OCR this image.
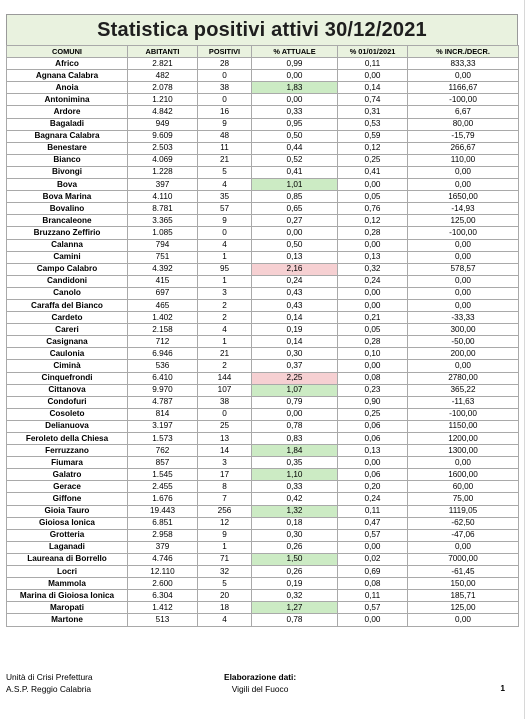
Statistica positivi attivi 30/12/2021
COMUNI	ABITANTI	POSITIVI	% ATTUALE	% 01/01/2021	% INCR./DECR.
Africo	2.821	28	0,99	0,11	833,33
Agnana Calabra	482	0	0,00	0,00	0,00
Anoia	2.078	38	1,83	0,14	1166,67
Antonimina	1.210	0	0,00	0,74	-100,00
Ardore	4.842	16	0,33	0,31	6,67
Bagaladi	949	9	0,95	0,53	80,00
Bagnara Calabra	9.609	48	0,50	0,59	-15,79
Benestare	2.503	11	0,44	0,12	266,67
Bianco	4.069	21	0,52	0,25	110,00
Bivongi	1.228	5	0,41	0,41	0,00
Bova	397	4	1,01	0,00	0,00
Bova Marina	4.110	35	0,85	0,05	1650,00
Bovalino	8.781	57	0,65	0,76	-14,93
Brancaleone	3.365	9	0,27	0,12	125,00
Bruzzano Zeffirio	1.085	0	0,00	0,28	-100,00
Calanna	794	4	0,50	0,00	0,00
Camini	751	1	0,13	0,13	0,00
Campo Calabro	4.392	95	2,16	0,32	578,57
Candidoni	415	1	0,24	0,24	0,00
Canolo	697	3	0,43	0,00	0,00
Caraffa del Bianco	465	2	0,43	0,00	0,00
Cardeto	1.402	2	0,14	0,21	-33,33
Careri	2.158	4	0,19	0,05	300,00
Casignana	712	1	0,14	0,28	-50,00
Caulonia	6.946	21	0,30	0,10	200,00
Ciminà	536	2	0,37	0,00	0,00
Cinquefrondi	6.410	144	2,25	0,08	2780,00
Cittanova	9.970	107	1,07	0,23	365,22
Condofuri	4.787	38	0,79	0,90	-11,63
Cosoleto	814	0	0,00	0,25	-100,00
Delianuova	3.197	25	0,78	0,06	1150,00
Feroleto della Chiesa	1.573	13	0,83	0,06	1200,00
Ferruzzano	762	14	1,84	0,13	1300,00
Fiumara	857	3	0,35	0,00	0,00
Galatro	1.545	17	1,10	0,06	1600,00
Gerace	2.455	8	0,33	0,20	60,00
Giffone	1.676	7	0,42	0,24	75,00
Gioia Tauro	19.443	256	1,32	0,11	1119,05
Gioiosa Ionica	6.851	12	0,18	0,47	-62,50
Grotteria	2.958	9	0,30	0,57	-47,06
Laganadi	379	1	0,26	0,00	0,00
Laureana di Borrello	4.746	71	1,50	0,02	7000,00
Locri	12.110	32	0,26	0,69	-61,45
Mammola	2.600	5	0,19	0,08	150,00
Marina di Gioiosa Ionica	6.304	20	0,32	0,11	185,71
Maropati	1.412	18	1,27	0,57	125,00
Martone	513	4	0,78	0,00	0,00
Unità di Crisi Prefettura
A.S.P. Reggio Calabria
Elaborazione dati:
Vigili del Fuoco	1
